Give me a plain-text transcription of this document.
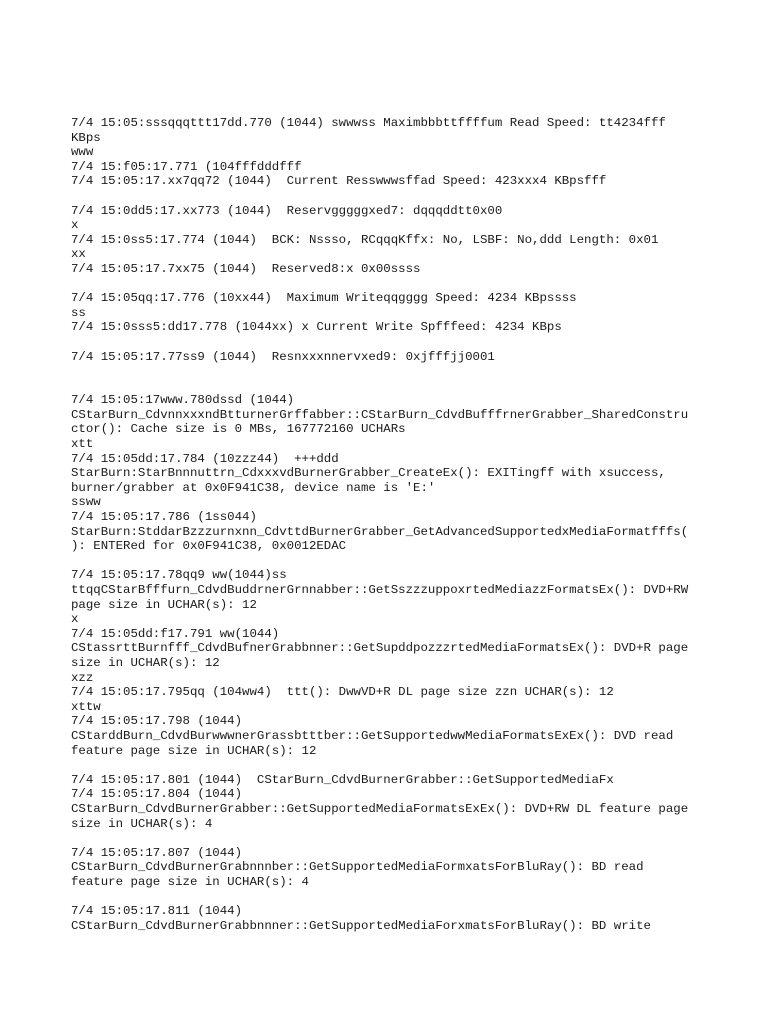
7/4 15:05:sssqqqttt17dd.770 (1044) swwwss Maximbbbttffffum Read Speed: tt4234fff
KBps
www
7/4 15:f05:17.771 (104fffdddfff
7/4 15:05:17.xx7qq72 (1044)  Current Resswwwsffad Speed: 423xxx4 KBpsfff
7/4 15:0dd5:17.xx773 (1044)  Reservgggggxed7: dqqqddtt0x00
x
7/4 15:0ss5:17.774 (1044)  BCK: Nssso, RCqqqKffx: No, LSBF: No,ddd Length: 0x01
xx
7/4 15:05:17.7xx75 (1044)  Reserved8:x 0x00ssss
7/4 15:05qq:17.776 (10xx44)  Maximum Writeqqgggg Speed: 4234 KBpssss
ss
7/4 15:0sss5:dd17.778 (1044xx) x Current Write Spfffeed: 4234 KBps
7/4 15:05:17.77ss9 (1044)  Resnxxxnnervxed9: 0xjfffjj0001
7/4 15:05:17www.780dssd (1044)
CStarBurn_CdvnnxxxndBtturnerGrffabber::CStarBurn_CdvdBufffrnerGrabber_SharedConstru
ctor(): Cache size is 0 MBs, 167772160 UCHARs
xtt
7/4 15:05dd:17.784 (10zzz44)  +++ddd
StarBurn:StarBnnnuttrn_CdxxxvdBurnerGrabber_CreateEx(): EXITingff with xsuccess,
burner/grabber at 0x0F941C38, device name is 'E:'
ssww
7/4 15:05:17.786 (1ss044)
StarBurn:StddarBzzzurnxnn_CdvttdBurnerGrabber_GetAdvancedSupportedxMediaFormatfffs(
): ENTERed for 0x0F941C38, 0x0012EDAC
7/4 15:05:17.78qq9 ww(1044)ss
ttqqCStarBfffurn_CdvdBuddrnerGrnnabber::GetSszzzuppoxrtedMediazzFormatsEx(): DVD+RW
page size in UCHAR(s): 12
x
7/4 15:05dd:f17.791 ww(1044)
CStassrttBurnfff_CdvdBufnerGrabbnner::GetSupddpozzzrtedMediaFormatsEx(): DVD+R page
size in UCHAR(s): 12
xzz
7/4 15:05:17.795qq (104ww4)  ttt(): DwwVD+R DL page size zzn UCHAR(s): 12
xttw
7/4 15:05:17.798 (1044)
CStarddBurn_CdvdBurwwwnerGrassbtttber::GetSupportedwwMediaFormatsExEx(): DVD read
feature page size in UCHAR(s): 12
7/4 15:05:17.801 (1044)  CStarBurn_CdvdBurnerGrabber::GetSupportedMediaFx
7/4 15:05:17.804 (1044)
CStarBurn_CdvdBurnerGrabber::GetSupportedMediaFormatsExEx(): DVD+RW DL feature page
size in UCHAR(s): 4
7/4 15:05:17.807 (1044)
CStarBurn_CdvdBurnerGrabnnnber::GetSupportedMediaFormxatsForBluRay(): BD read
feature page size in UCHAR(s): 4
7/4 15:05:17.811 (1044)
CStarBurn_CdvdBurnerGrabbnnner::GetSupportedMediaForxmatsForBluRay(): BD write
